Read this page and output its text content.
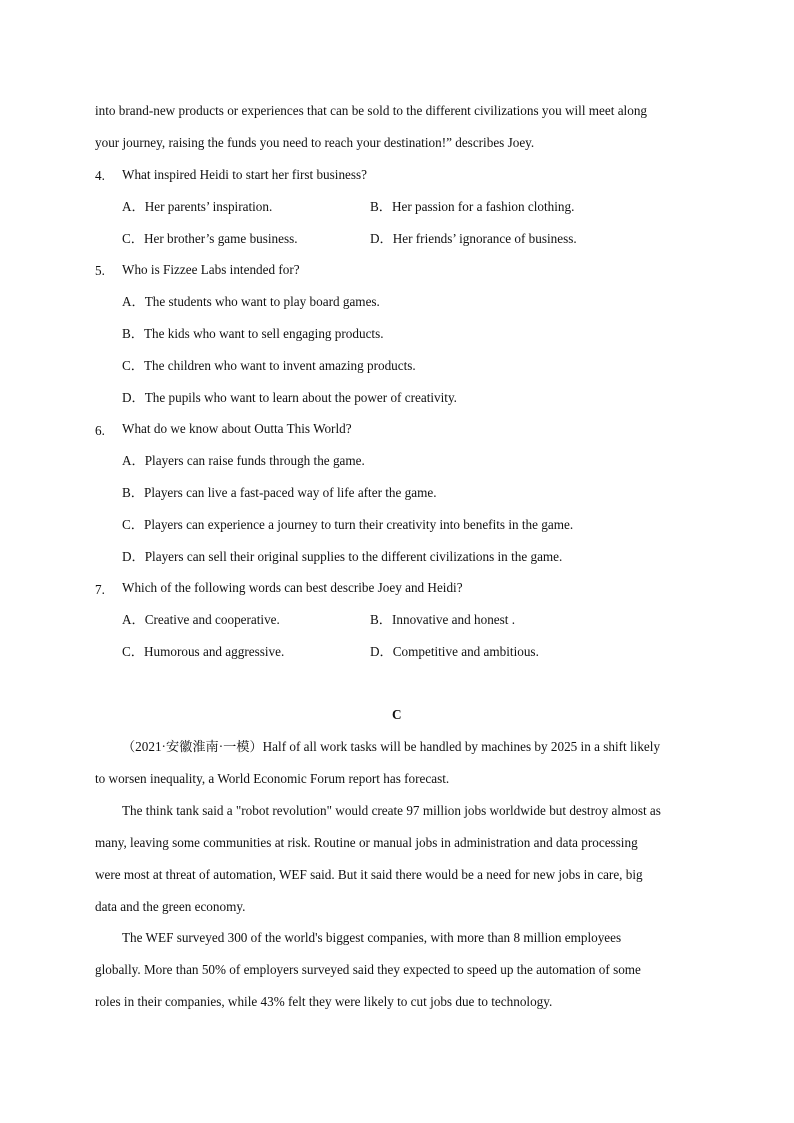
into brand-new products or experiences that can be sold to the different civilizations you will meet along
your journey, raising the funds you need to reach your destination!” describes Joey.
4. What inspired Heidi to start her first business?
A．Her parents’ inspiration.	B．Her passion for a fashion clothing.
C．Her brother’s game business.	D．Her friends’ ignorance of business.
5. Who is Fizzee Labs intended for?
A．The students who want to play board games.
B．The kids who want to sell engaging products.
C．The children who want to invent amazing products.
D．The pupils who want to learn about the power of creativity.
6. What do we know about Outta This World?
A．Players can raise funds through the game.
B．Players can live a fast-paced way of life after the game.
C．Players can experience a journey to turn their creativity into benefits in the game.
D．Players can sell their original supplies to the different civilizations in the game.
7. Which of the following words can best describe Joey and Heidi?
A．Creative and cooperative.	B．Innovative and honest .
C．Humorous and aggressive.	D．Competitive and ambitious.
C
（2021·安徽淮南·一模）Half of all work tasks will be handled by machines by 2025 in a shift likely
to worsen inequality, a World Economic Forum report has forecast.
The think tank said a "robot revolution" would create 97 million jobs worldwide but destroy almost as
many, leaving some communities at risk. Routine or manual jobs in administration and data processing
were most at threat of automation, WEF said. But it said there would be a need for new jobs in care, big
data and the green economy.
The WEF surveyed 300 of the world's biggest companies, with more than 8 million employees
globally. More than 50% of employers surveyed said they expected to speed up the automation of some
roles in their companies, while 43% felt they were likely to cut jobs due to technology.
